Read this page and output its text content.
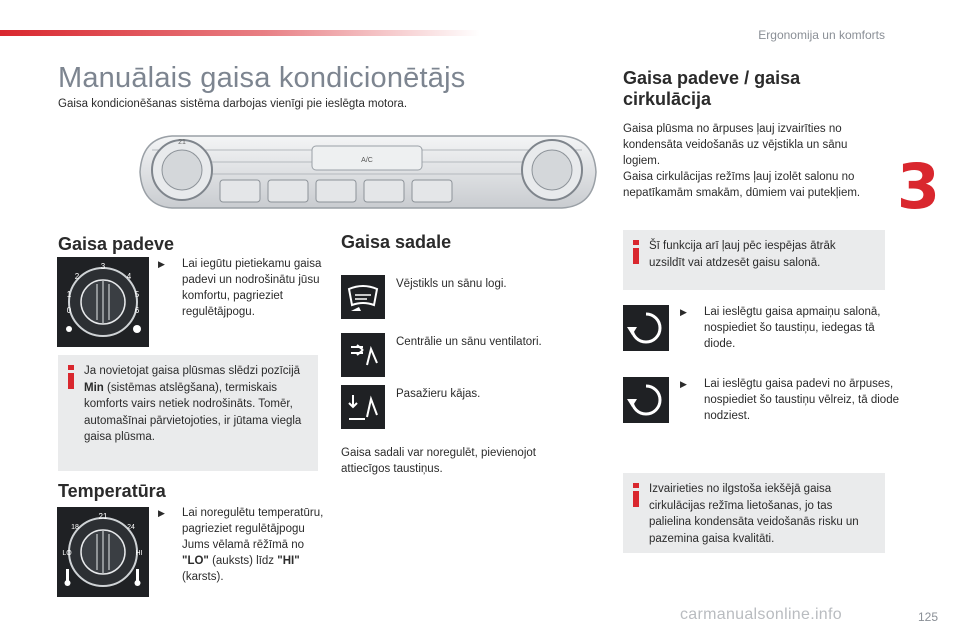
Ergonomija un komforts
3
Manuālais gaisa kondicionētājs
Gaisa kondicionēšanas sistēma darbojas vienīgi pie ieslēgta motora.
A/C
21
Gaisa padeve
3
2
1
0
4
5
6
▶ Lai iegūtu pietiekamu gaisa padevi un nodrošinātu jūsu komfortu, pagrieziet regulētājpogu.
Ja novietojat gaisa plūsmas slēdzi pozīcijā Min (sistēmas atslēgšana), termiskais komforts vairs netiek nodrošināts. Tomēr, automašīnai pārvietojoties, ir jūtama viegla gaisa plūsma.
Temperatūra
21
18	24
LO	HI
▶ Lai noregulētu temperatūru, pagrieziet regulētājpogu Jums vēlamā rēžīmā no "LO" (auksts) līdz "HI" (karsts).
Gaisa sadale
Vējstikls un sānu logi.
Centrālie un sānu ventilatori.
Pasažieru kājas.
Gaisa sadali var noregulēt, pievienojot attiecīgos taustiņus.
Gaisa padeve / gaisa cirkulācija
Gaisa plūsma no ārpuses ļauj izvairīties no kondensāta veidošanās uz vējstikla un sānu logiem.
Gaisa cirkulācijas režīms ļauj izolēt salonu no nepatīkamām smakām, dūmiem vai putekļiem.
Šī funkcija arī ļauj pēc iespējas ātrāk uzsildīt vai atdzesēt gaisu salonā.
▶ Lai ieslēgtu gaisa apmaiņu salonā, nospiediet šo taustiņu, iedegas tā diode.
▶ Lai ieslēgtu gaisa padevi no ārpuses, nospiediet šo taustiņu vēlreiz, tā diode nodziest.
Izvairieties no ilgstoša iekšējā gaisa cirkulācijas režīma lietošanas, jo tas palielina kondensāta veidošanās risku un pazemina gaisa kvalitāti.
carmanualsonline.info	125
